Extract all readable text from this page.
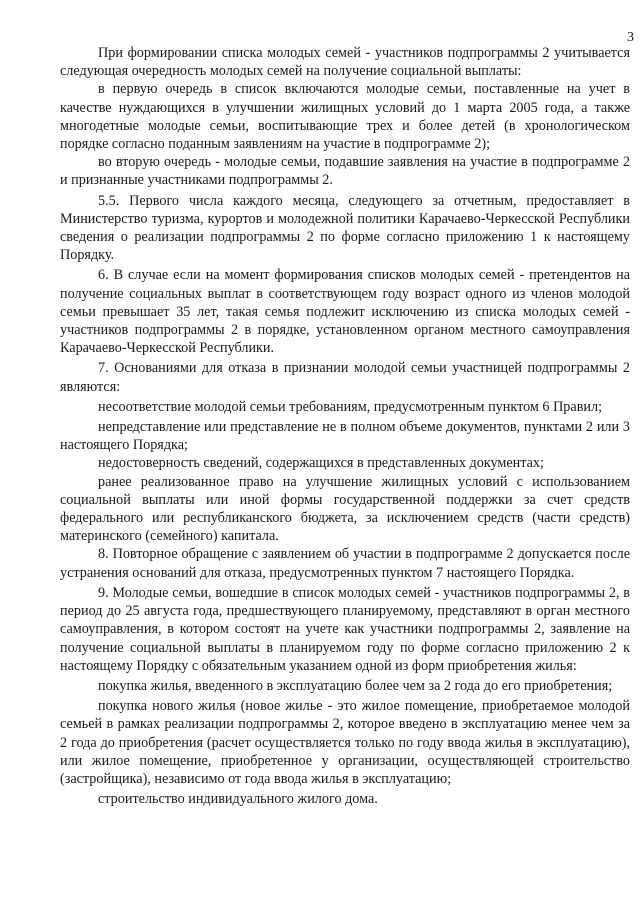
3

При формировании списка молодых семей - участников подпрограммы 2 учитывается следующая очередность молодых семей на получение социальной выплаты:

в первую очередь в список включаются молодые семьи, поставленные на учет в качестве нуждающихся в улучшении жилищных условий до 1 марта 2005 года, а также многодетные молодые семьи, воспитывающие трех и более детей (в хронологическом порядке согласно поданным заявлениям на участие в подпрограмме 2);

во вторую очередь - молодые семьи, подавшие заявления на участие в подпрограмме 2 и признанные участниками подпрограммы 2.

5.5. Первого числа каждого месяца, следующего за отчетным, предоставляет в Министерство туризма, курортов и молодежной политики Карачаево-Черкесской Республики сведения о реализации подпрограммы 2 по форме согласно приложению 1 к настоящему Порядку.

6. В случае если на момент формирования списков молодых семей - претендентов на получение социальных выплат в соответствующем году возраст одного из членов молодой семьи превышает 35 лет, такая семья подлежит исключению из списка молодых семей - участников подпрограммы 2 в порядке, установленном органом местного самоуправления Карачаево-Черкесской Республики.

7. Основаниями для отказа в признании молодой семьи участницей подпрограммы 2 являются:

несоответствие молодой семьи требованиям, предусмотренным пунктом 6 Правил;

непредставление или представление не в полном объеме документов, пунктами 2 или 3 настоящего Порядка;

недостоверность сведений, содержащихся в представленных документах;

ранее реализованное право на улучшение жилищных условий с использованием социальной выплаты или иной формы государственной поддержки за счет средств федерального или республиканского бюджета, за исключением средств (части средств) материнского (семейного) капитала.

8. Повторное обращение с заявлением об участии в подпрограмме 2 допускается после устранения оснований для отказа, предусмотренных пунктом 7 настоящего Порядка.

9. Молодые семьи, вошедшие в список молодых семей - участников подпрограммы 2, в период до 25 августа года, предшествующего планируемому, представляют в орган местного самоуправления, в котором состоят на учете как участники подпрограммы 2, заявление на получение социальной выплаты в планируемом году по форме согласно приложению 2 к настоящему Порядку с обязательным указанием одной из форм приобретения жилья:

покупка жилья, введенного в эксплуатацию более чем за 2 года до его приобретения;

покупка нового жилья (новое жилье - это жилое помещение, приобретаемое молодой семьей в рамках реализации подпрограммы 2, которое введено в эксплуатацию менее чем за 2 года до приобретения (расчет осуществляется только по году ввода жилья в эксплуатацию), или жилое помещение, приобретенное у организации, осуществляющей строительство (застройщика), независимо от года ввода жилья в эксплуатацию;

строительство индивидуального жилого дома.
